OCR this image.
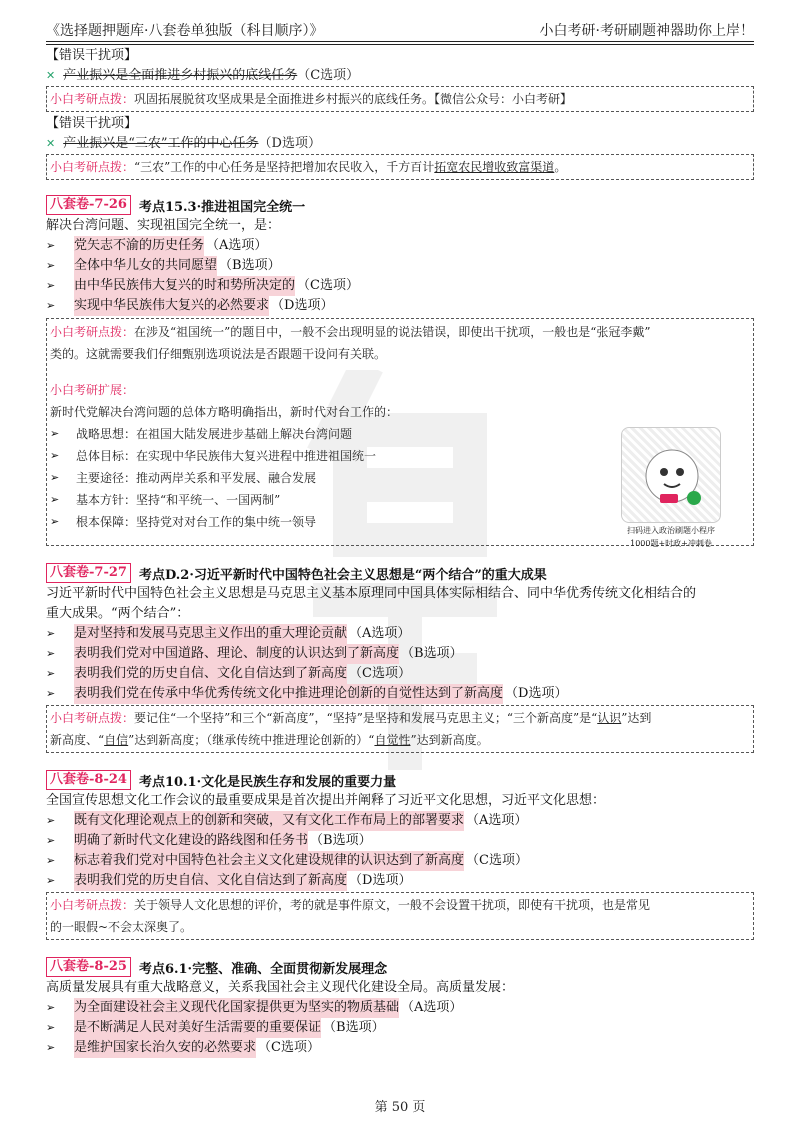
《选择题押题库·八套卷单独版（科目顺序）》	小白考研·考研刷题神器助你上岸！
【错误干扰项】
✕ 产业振兴是全面推进乡村振兴的底线任务（C选项）
小白考研点拨：巩固拓展脱贫攻坚成果是全面推进乡村振兴的底线任务。【微信公众号：小白考研】
【错误干扰项】
✕ 产业振兴是“三农”工作的中心任务（D选项）
小白考研点拨：“三农”工作的中心任务是坚持把增加农民收入，千方百计拓宽农民增收致富渠道。
八套卷-7-26 考点15.3·推进祖国完全统一
解决台湾问题、实现祖国完全统一，是：
➢	党矢志不渝的历史任务 （A选项）
➢	全体中华儿女的共同愿望 （B选项）
➢	由中华民族伟大复兴的时和势所决定的 （C选项）
➢	实现中华民族伟大复兴的必然要求 （D选项）
小白考研点拨：在涉及“祖国统一”的题目中，一般不会出现明显的说法错误，即使出干扰项，一般也是“张冠李戴”
类的。这就需要我们仔细甄别选项说法是否跟题干设问有关联。
小白考研扩展：
新时代党解决台湾问题的总体方略明确指出，新时代对台工作的：
➢	战略思想：在祖国大陆发展进步基础上解决台湾问题
➢	总体目标：在实现中华民族伟大复兴进程中推进祖国统一
➢	主要途径：推动两岸关系和平发展、融合发展
➢	基本方针：坚持“和平统一、一国两制”
➢	根本保障：坚持党对对台工作的集中统一领导
扫码进入政治刷题小程序
1000题+时政+冲刺卷
八套卷-7-27 考点D.2·习近平新时代中国特色社会主义思想是“两个结合”的重大成果
习近平新时代中国特色社会主义思想是马克思主义基本原理同中国具体实际相结合、同中华优秀传统文化相结合的
重大成果。“两个结合”：
➢	是对坚持和发展马克思主义作出的重大理论贡献 （A选项）
➢	表明我们党对中国道路、理论、制度的认识达到了新高度 （B选项）
➢	表明我们党的历史自信、文化自信达到了新高度 （C选项）
➢	表明我们党在传承中华优秀传统文化中推进理论创新的自觉性达到了新高度 （D选项）
小白考研点拨：要记住“一个坚持”和三个“新高度”，“坚持”是坚持和发展马克思主义；“三个新高度”是“认识”达到
新高度、“自信”达到新高度；（继承传统中推进理论创新的）“自觉性”达到新高度。
八套卷-8-24 考点10.1·文化是民族生存和发展的重要力量
全国宣传思想文化工作会议的最重要成果是首次提出并阐释了习近平文化思想，习近平文化思想：
➢	既有文化理论观点上的创新和突破，又有文化工作布局上的部署要求 （A选项）
➢	明确了新时代文化建设的路线图和任务书 （B选项）
➢	标志着我们党对中国特色社会主义文化建设规律的认识达到了新高度 （C选项）
➢	表明我们党的历史自信、文化自信达到了新高度 （D选项）
小白考研点拨：关于领导人文化思想的评价，考的就是事件原文，一般不会设置干扰项，即使有干扰项，也是常见
的一眼假~不会太深奥了。
八套卷-8-25 考点6.1·完整、准确、全面贯彻新发展理念
高质量发展具有重大战略意义，关系我国社会主义现代化建设全局。高质量发展：
➢	为全面建设社会主义现代化国家提供更为坚实的物质基础 （A选项）
➢	是不断满足人民对美好生活需要的重要保证 （B选项）
➢	是维护国家长治久安的必然要求 （C选项）
第 50 页
